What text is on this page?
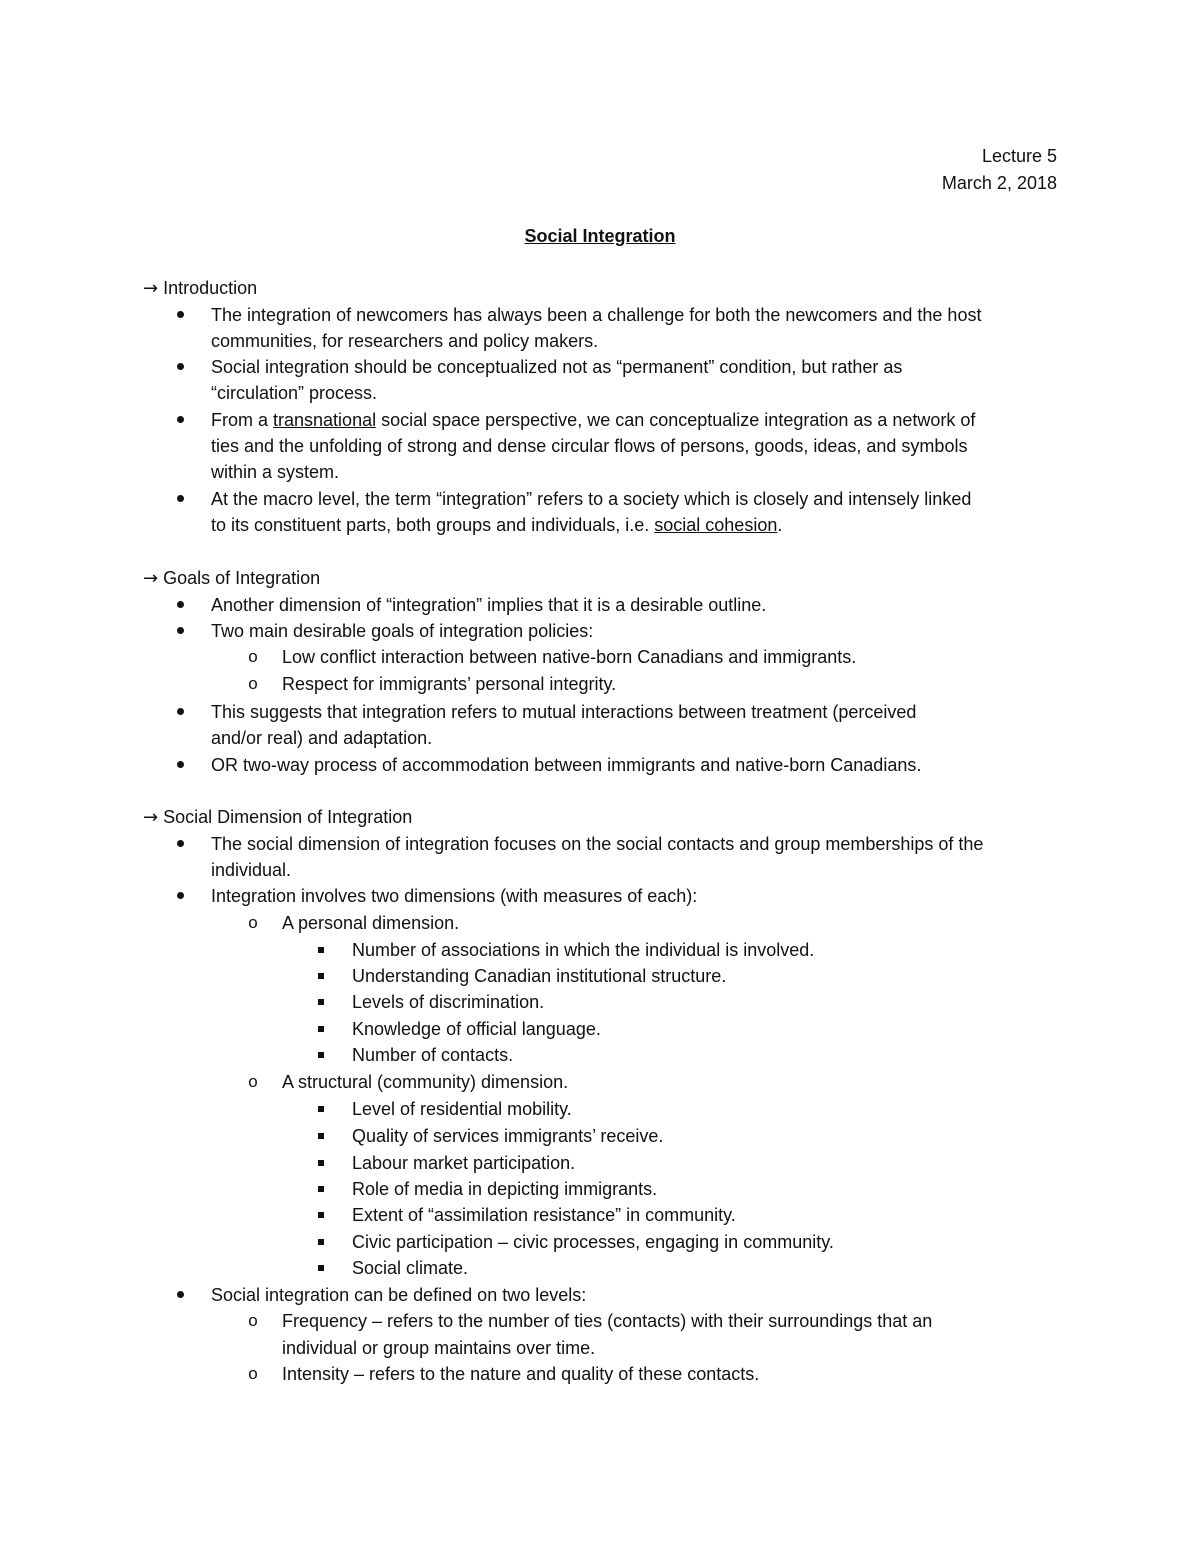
Lecture 5
March 2, 2018
Social Integration
→ Introduction
The integration of newcomers has always been a challenge for both the newcomers and the host
communities, for researchers and policy makers.
Social integration should be conceptualized not as “permanent” condition, but rather as
“circulation” process.
From a transnational social space perspective, we can conceptualize integration as a network of
ties and the unfolding of strong and dense circular flows of persons, goods, ideas, and symbols
within a system.
At the macro level, the term “integration” refers to a society which is closely and intensely linked
to its constituent parts, both groups and individuals, i.e. social cohesion.
→ Goals of Integration
Another dimension of “integration” implies that it is a desirable outline.
Two main desirable goals of integration policies:
o Low conflict interaction between native-born Canadians and immigrants.
o Respect for immigrants’ personal integrity.
This suggests that integration refers to mutual interactions between treatment (perceived
and/or real) and adaptation.
OR two-way process of accommodation between immigrants and native-born Canadians.
→ Social Dimension of Integration
The social dimension of integration focuses on the social contacts and group memberships of the
individual.
Integration involves two dimensions (with measures of each):
o A personal dimension.
Number of associations in which the individual is involved.
Understanding Canadian institutional structure.
Levels of discrimination.
Knowledge of official language.
Number of contacts.
o A structural (community) dimension.
Level of residential mobility.
Quality of services immigrants’ receive.
Labour market participation.
Role of media in depicting immigrants.
Extent of “assimilation resistance” in community.
Civic participation – civic processes, engaging in community.
Social climate.
Social integration can be defined on two levels:
o Frequency – refers to the number of ties (contacts) with their surroundings that an
individual or group maintains over time.
o Intensity – refers to the nature and quality of these contacts.
